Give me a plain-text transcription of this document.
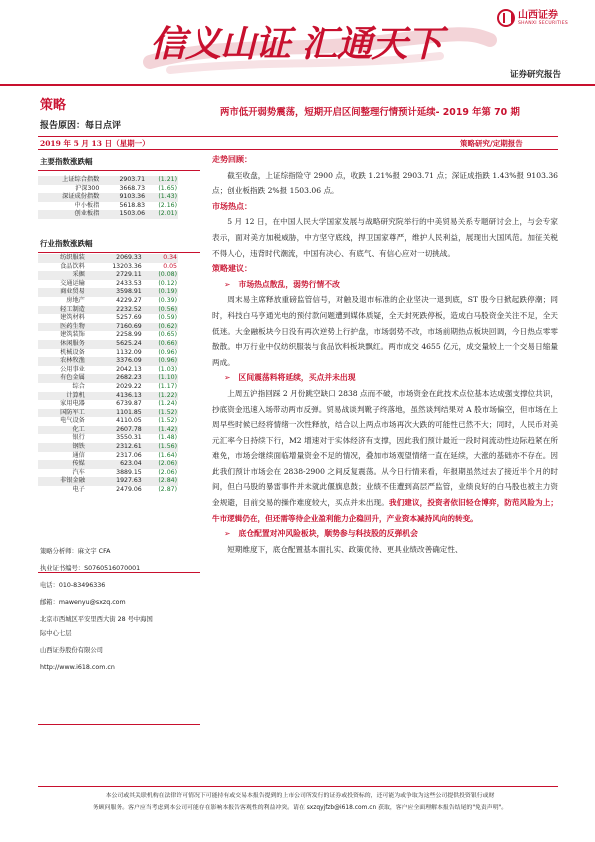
信义山证 汇通天下
山西证券
SHANXI SECURITIES
证券研究报告
策略	两市低开弱势震荡，短期开启区间整理行情预计延续- 2019 年第 70 期
报告原因：每日点评
2019 年 5 月 13 日（星期一）	策略研究/定期报告
主要指数涨跌幅
上证综合指数	2903.71	(1.21)
沪深300	3668.73	(1.65)
深证成份指数	9103.36	(1.43)
中小板指	5618.83	(2.16)
创业板指	1503.06	(2.01)
行业指数涨跌幅
纺织服装	2069.33	0.34
食品饮料	13203.36	0.05
采掘	2729.11	(0.08)
交通运输	2433.53	(0.12)
商业贸易	3598.91	(0.19)
房地产	4229.27	(0.39)
轻工制造	2232.52	(0.56)
建筑材料	5257.69	(0.59)
医药生物	7160.69	(0.62)
建筑装饰	2258.99	(0.65)
休闲服务	5625.24	(0.66)
机械设备	1132.09	(0.96)
农林牧渔	3376.09	(0.96)
公用事业	2042.13	(1.03)
有色金属	2682.23	(1.10)
综合	2029.22	(1.17)
计算机	4136.13	(1.22)
家用电器	6739.87	(1.24)
国防军工	1101.85	(1.52)
电气设备	4110.05	(1.52)
化工	2607.78	(1.42)
银行	3550.31	(1.48)
钢铁	2312.61	(1.56)
通信	2317.06	(1.64)
传媒	623.04	(2.06)
汽车	3889.15	(2.06)
非银金融	1927.63	(2.84)
电子	2479.06	(2.87)
策略分析师：麻文宇 CFA
执业证书编号：S0760516070001
电话：010-83496336
邮箱：mawenyu@sxzq.com
北京市西城区平安里西大街 28 号中海国
际中心七层
山西证券股份有限公司
http://www.i618.com.cn
走势回顾：
截至收盘，上证综指险守 2900 点，收跌 1.21%报 2903.71 点；深证成指跌 1.43%报 9103.36 点；创业板指跌 2%报 1503.06 点。
市场热点：
5 月 12 日，在中国人民大学国家发展与战略研究院举行的中美贸易关系专题研讨会上，与会专家表示，面对美方加税威胁，中方坚守底线，捍卫国家尊严，维护人民利益，展现出大国风范。加征关税不得人心，违背时代潮流，中国有决心、有底气、有信心应对一切挑战。
策略建议：
➢ 市场热点散乱，弱势行情不改
周末易主席释放重磅监管信号，对触及退市标准的企业坚决一退到底，ST 股今日掀起跌停潮；同时，科技白马亨通光电的预付款问题遭到媒体质疑，全天封死跌停板，造成白马股资金关注不足，全天低迷。大金融板块今日没有再次逆势上行护盘，市场弱势不改，市场前期热点板块回调，今日热点零零散散。申万行业中仅纺织服装与食品饮料板块飘红。两市成交 4655 亿元，成交量较上一个交易日缩量两成。
➢ 区间震荡料将延续，买点并未出现
上周五沪指回踩 2 月份跳空缺口 2838 点而不破，市场资金在此技术点位基本达成强支撑位共识，抄底资金迅速入场带动两市反弹。贸易战谈判靴子终落地，虽然谈判结果对 A 股市场偏空，但市场在上周早些时候已经将情绪一次性释放，结合以上两点市场再次大跌的可能性已然不大；同时，人民币对美元汇率今日持续下行，M2 增速对于实体经济有支撑，因此我们预计最近一段时间流动性边际趋紧在所难免，市场会继续面临增量资金不足的情况，叠加市场观望情绪一直在延续，大涨的基础亦不存在。因此我们预计市场会在 2838-2900 之间反复震荡。从今日行情来看，年报期虽然过去了接近半个月的时间，但白马股的暴雷事件并未就此偃旗息鼓；业绩不佳遭到高层严监管，业绩良好的白马股也被主力资金规避，目前交易的操作难度较大，买点并未出现。我们建议，投资者依旧轻仓博弈，防范风险为上；牛市逻辑仍在，但还需等待企业盈利能力企稳回升，产业资本减持风向的转变。
➢ 底仓配置对冲风险板块，顺势参与科技股的反弹机会
短期维度下，底仓配置基本面扎实、政策优待、更具业绩改善确定性、
本公司或其关联机构在法律许可情况下可能持有或交易本报告提到的上市公司所发行的证券或投资标的，还可能为或争取为这些公司提供投资银行或财
务顾问服务。客户应当考虑到本公司可能存在影响本报告客观性的利益冲突。请在 sxzqyjfzb@i618.com.cn 获取，客户应全面理解本报告结尾的"免责声明"。
